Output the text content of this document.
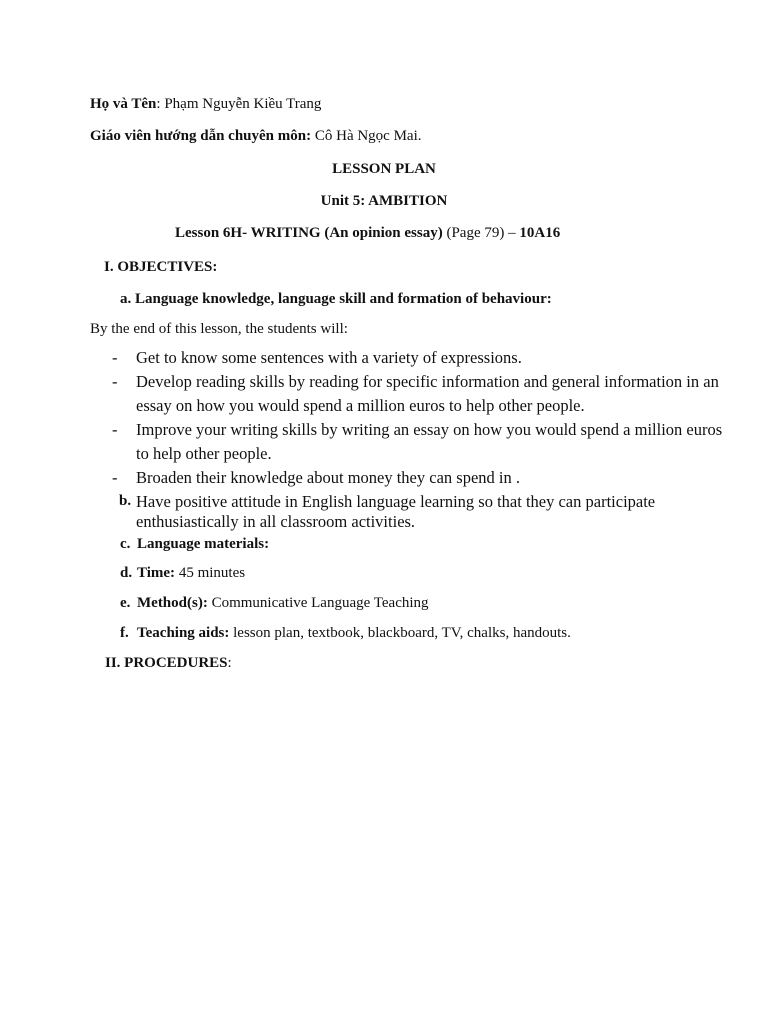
Họ và Tên: Phạm Nguyễn Kiều Trang
Giáo viên hướng dẫn chuyên môn: Cô Hà Ngọc Mai.
LESSON PLAN
Unit 5: AMBITION
Lesson 6H- WRITING (An opinion essay) (Page 79) – 10A16
I. OBJECTIVES:
a. Language knowledge, language skill and formation of behaviour:
By the end of this lesson, the students will:
- Get to know some sentences with a variety of expressions.
- Develop reading skills by reading for specific information and general information in an essay on how you would spend a million euros to help other people.
- Improve your writing skills by writing an essay on how you would spend a million euros to help other people.
- Broaden their knowledge about money they can spend in .
b. Have positive attitude in English language learning so that they can participate enthusiastically in all classroom activities.
c. Language materials:
d. Time: 45 minutes
e. Method(s): Communicative Language Teaching
f. Teaching aids: lesson plan, textbook, blackboard, TV, chalks, handouts.
II. PROCEDURES:
